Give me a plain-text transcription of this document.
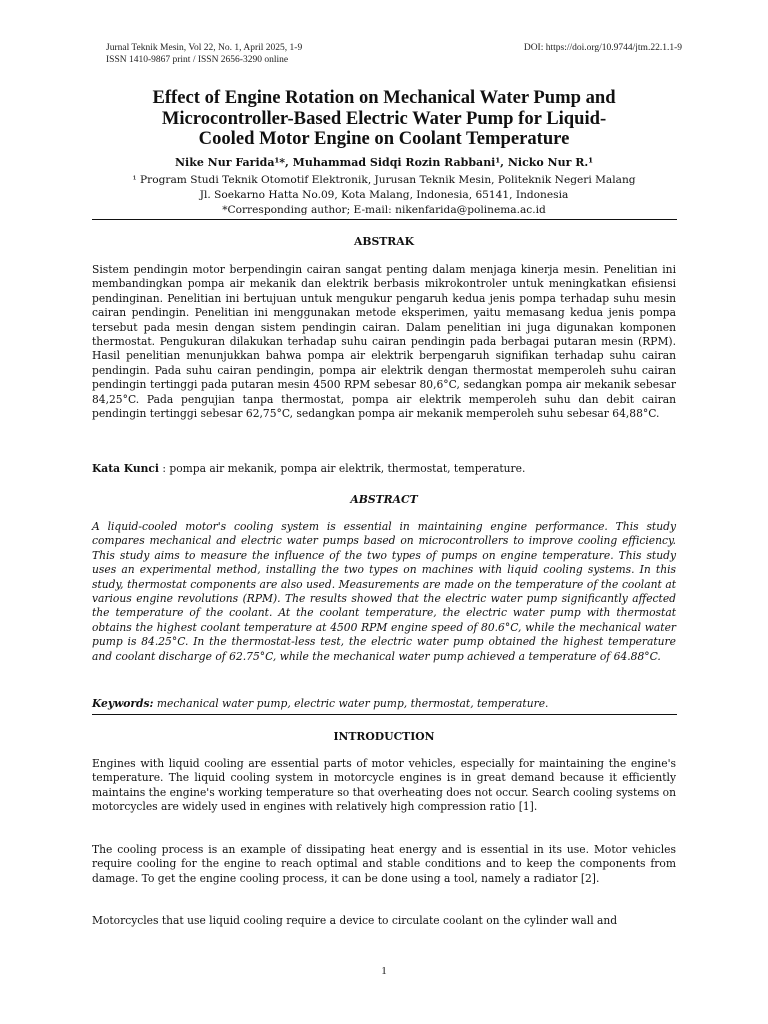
Jurnal Teknik Mesin, Vol 22, No. 1, April 2025, 1-9
ISSN 1410-9867 print / ISSN 2656-3290 online
DOI: https://doi.org/10.9744/jtm.22.1.1-9
Effect of Engine Rotation on Mechanical Water Pump and
Microcontroller-Based Electric Water Pump for Liquid-
Cooled Motor Engine on Coolant Temperature
Nike Nur Farida¹*, Muhammad Sidqi Rozin Rabbani¹, Nicko Nur R.¹
¹ Program Studi Teknik Otomotif Elektronik, Jurusan Teknik Mesin, Politeknik Negeri Malang
Jl. Soekarno Hatta No.09, Kota Malang, Indonesia, 65141, Indonesia
*Corresponding author; E-mail: nikenfarida@polinema.ac.id
ABSTRAK

Sistem pendingin motor berpendingin cairan sangat penting dalam menjaga kinerja mesin. Penelitian ini membandingkan pompa air mekanik dan elektrik berbasis mikrokontroler untuk meningkatkan efisiensi pendinginan. Penelitian ini bertujuan untuk mengukur pengaruh kedua jenis pompa terhadap suhu mesin cairan pendingin. Penelitian ini menggunakan metode eksperimen, yaitu memasang kedua jenis pompa tersebut pada mesin dengan sistem pendingin cairan. Dalam penelitian ini juga digunakan komponen thermostat. Pengukuran dilakukan terhadap suhu cairan pendingin pada berbagai putaran mesin (RPM). Hasil penelitian menunjukkan bahwa pompa air elektrik berpengaruh signifikan terhadap suhu cairan pendingin. Pada suhu cairan pendingin, pompa air elektrik dengan thermostat memperoleh suhu cairan pendingin tertinggi pada putaran mesin 4500 RPM sebesar 80,6°C, sedangkan pompa air mekanik sebesar 84,25°C. Pada pengujian tanpa thermostat, pompa air elektrik memperoleh suhu dan debit cairan pendingin tertinggi sebesar 62,75°C, sedangkan pompa air mekanik memperoleh suhu sebesar 64,88°C.

Kata Kunci : pompa air mekanik, pompa air elektrik, thermostat, temperature.
ABSTRACT

A liquid-cooled motor's cooling system is essential in maintaining engine performance. This study compares mechanical and electric water pumps based on microcontrollers to improve cooling efficiency. This study aims to measure the influence of the two types of pumps on engine temperature. This study uses an experimental method, installing the two types on machines with liquid cooling systems. In this study, thermostat components are also used. Measurements are made on the temperature of the coolant at various engine revolutions (RPM). The results showed that the electric water pump significantly affected the temperature of the coolant. At the coolant temperature, the electric water pump with thermostat obtains the highest coolant temperature at 4500 RPM engine speed of 80.6°C, while the mechanical water pump is 84.25°C. In the thermostat-less test, the electric water pump obtained the highest temperature and coolant discharge of 62.75°C, while the mechanical water pump achieved a temperature of 64.88°C.

Keywords: mechanical water pump, electric water pump, thermostat, temperature.
INTRODUCTION
Engines with liquid cooling are essential parts of motor vehicles, especially for maintaining the engine's temperature. The liquid cooling system in motorcycle engines is in great demand because it efficiently maintains the engine's working temperature so that overheating does not occur. Search cooling systems on motorcycles are widely used in engines with relatively high compression ratio [1].
The cooling process is an example of dissipating heat energy and is essential in its use. Motor vehicles require cooling for the engine to reach optimal and stable conditions and to keep the components from damage. To get the engine cooling process, it can be done using a tool, namely a radiator [2].
Motorcycles that use liquid cooling require a device to circulate coolant on the cylinder wall and
1
